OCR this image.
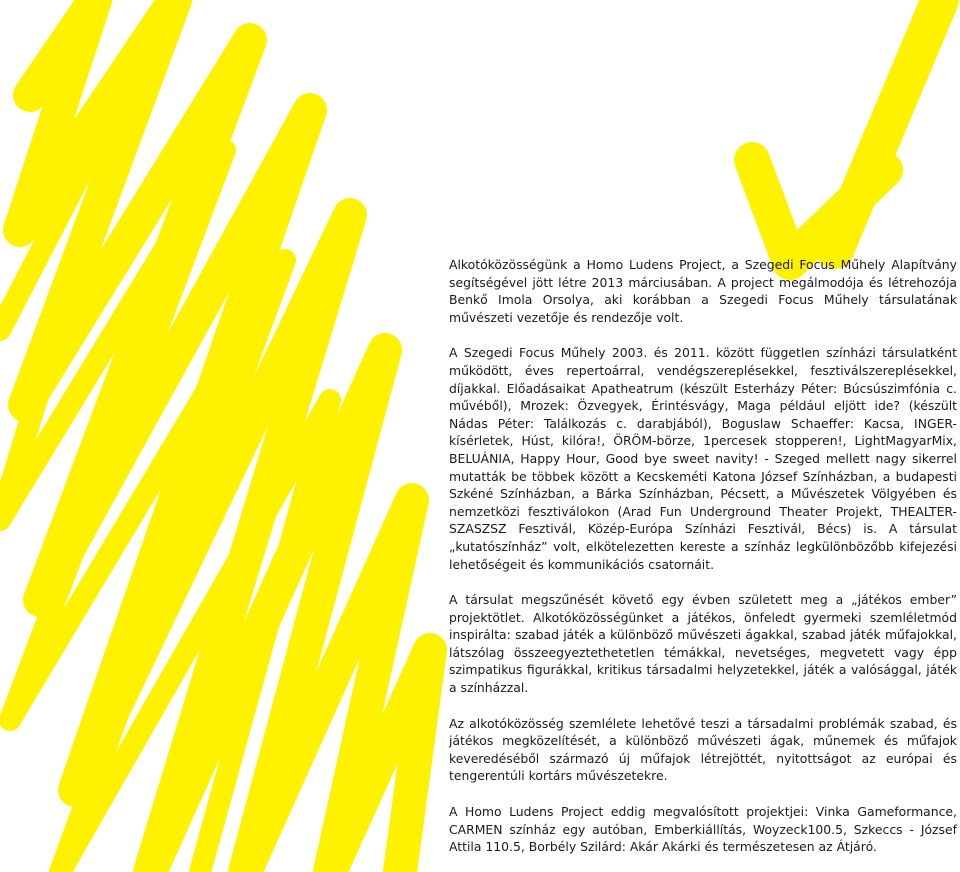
Alkotóközösségünk a Homo Ludens Project, a Szegedi Focus Műhely Alapítvány segítségével jött létre 2013 márciusában. A project megálmodója és létrehozója Benkő Imola Orsolya, aki korábban a Szegedi Focus Műhely társulatának művészeti vezetője és rendezője volt.

A Szegedi Focus Műhely 2003. és 2011. között független színházi társulatként működött, éves repertoárral, vendégszereplésekkel, fesztiválszereplésekkel, díjakkal. Előadásaikat Apatheatrum (készült Esterházy Péter: Búcsúszimfónia c. művéből), Mrozek: Özvegyek, Érintésvágy, Maga például eljött ide? (készült Nádas Péter: Találkozás c. darabjából), Boguslaw Schaeffer: Kacsa, INGER- kísérletek, Húst, kilóra!, ÖRÖM-börze, 1percesek stopperen!, LightMagyarMix, BELUÁNIA, Happy Hour, Good bye sweet navity! - Szeged mellett nagy sikerrel mutatták be többek között a Kecskeméti Katona József Színházban, a budapesti Szkéné Színházban, a Bárka Színházban, Pécsett, a Művészetek Völgyében és nemzetközi fesztiválokon (Arad Fun Underground Theater Projekt, THEALTER-SZASZSZ Fesztivál, Közép-Európa Színházi Fesztivál, Bécs) is. A társulat „kutatószínház” volt, elkötelezetten kereste a színház legkülönbözőbb kifejezési lehetőségeit és kommunikációs csatornáit.

A társulat megszűnését követő egy évben született meg a „játékos ember” projektötlet. Alkotóközösségünket a játékos, önfeledt gyermeki szemléletmód inspirálta: szabad játék a különböző művészeti ágakkal, szabad játék műfajokkal, látszólag összeegyeztethetetlen témákkal, nevetséges, megvetett vagy épp szimpatikus figurákkal, kritikus társadalmi helyzetekkel, játék a valósággal, játék a színházzal.

Az alkotóközösség szemlélete lehetővé teszi a társadalmi problémák szabad, és játékos megközelítését, a különböző művészeti ágak, műnemek és műfajok keveredéséből származó új műfajok létrejöttét, nyitottságot az európai és tengerentúli kortárs művészetekre.

A Homo Ludens Project eddig megvalósított projektjei: Vinka Gameformance, CARMEN színház egy autóban, Emberkiállítás, Woyzeck100.5, Szkeccs - József Attila 110.5, Borbély Szilárd: Akár Akárki és természetesen az Átjáró.
